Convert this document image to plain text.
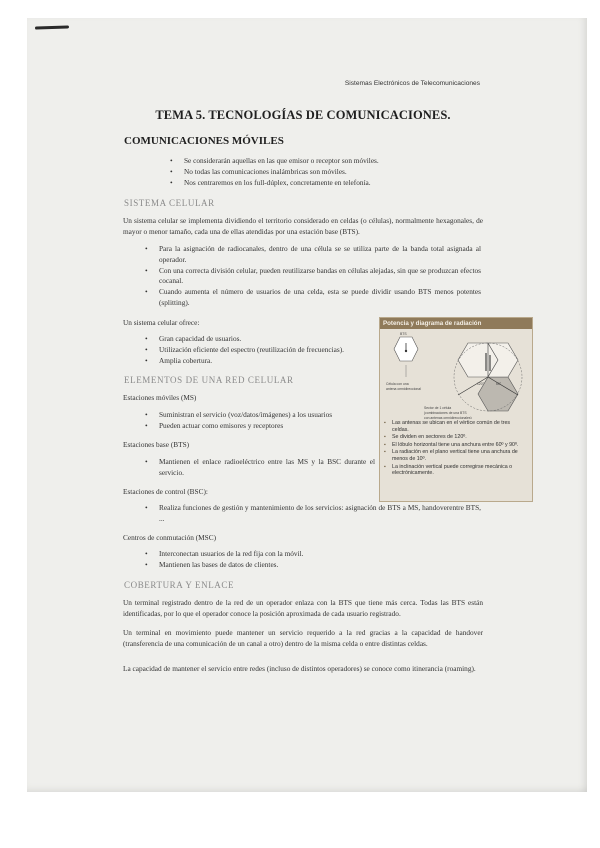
Sistemas Electrónicos de Telecomunicaciones
TEMA 5. TECNOLOGÍAS DE COMUNICACIONES.
COMUNICACIONES MÓVILES
• Se considerarán aquellas en las que emisor o receptor son móviles.
• No todas las comunicaciones inalámbricas son móviles.
• Nos centraremos en los full-dúplex, concretamente en telefonía.
SISTEMA CELULAR
Un sistema celular se implementa dividiendo el territorio considerado en celdas (o células), normalmente hexagonales, de mayor o menor tamaño, cada una de ellas atendidas por una estación base (BTS).
• Para la asignación de radiocanales, dentro de una célula se se utiliza parte de la banda total asignada al operador.
• Con una correcta división celular, pueden reutilizarse bandas en células alejadas, sin que se produzcan efectos cocanal.
• Cuando aumenta el número de usuarios de una celda, esta se puede dividir usando BTS menos potentes (splitting).
Un sistema celular ofrece:
• Gran capacidad de usuarios.
• Utilización eficiente del espectro (reutilización de frecuencias).
• Amplia cobertura.
ELEMENTOS DE UNA RED CELULAR
Estaciones móviles (MS)
• Suministran el servicio (voz/datos/imágenes) a los usuarios
• Pueden actuar como emisores y receptores
Estaciones base (BTS)
• Mantienen el enlace radioeléctrico entre las MS y la BSC durante el servicio.
Estaciones de control (BSC):
• Realiza funciones de gestión y mantenimiento de los servicios: asignación de BTS a MS, handoverentre BTS, ...
Centros de conmutación (MSC)
• Interconectan usuarios de la red fija con la móvil.
• Mantienen las bases de datos de clientes.
COBERTURA Y ENLACE
Un terminal registrado dentro de la red de un operador enlaza con la BTS que tiene más cerca. Todas las BTS están identificadas, por lo que el operador conoce la posición aproximada de cada usuario registrado.
Un terminal en movimiento puede mantener un servicio requerido a la red gracias a la capacidad de handover (transferencia de una comunicación de un canal a otro) dentro de la misma celda o entre distintas celdas.
La capacidad de mantener el servicio entre redes (incluso de distintos operadores) se conoce como itinerancia (roaming).
Potencia y diagrama de radiación
BTS
Célula con una
antena omnidireccional
120°	60°
Sector de 1 célula
(combinaciones de una BTS
con antenas omnidireccionales)
▪ Las antenas se ubican en el vértice común de tres celdas.
▪ Se dividen en sectores de 120º.
▪ El lóbulo horizontal tiene una anchura entre 60º y 90º.
▪ La radiación en el plano vertical tiene una anchura de menos de 10º.
▪ La inclinación vertical puede corregirse mecánica o electrónicamente.
